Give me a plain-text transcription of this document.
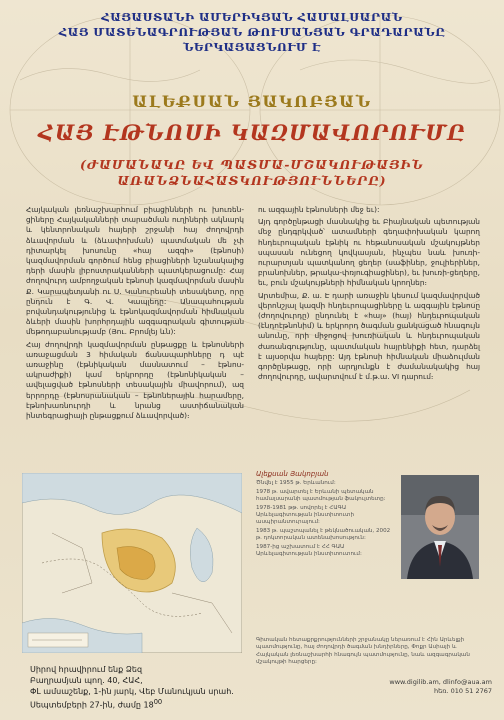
ՀԱՅԱՍՏԱՆԻ ԱՄԵՐԻԿՅԱՆ ՀԱՄԱԼՍԱՐԱՆ
ՀԱՅ ՄԱՏԵՆԱԳՐՈՒԹՅԱՆ ԹՈՒՄԱՆՅԱՆ ԳՐԱԴԱՐԱՆԸ
ՆԵՐԿԱՅԱՑՆՈՒՄ Է
ԱԼԵՔՍԱՆ ՅԱԿՈԲՅԱՆ
ՀԱՅ ԷԹՆՈՍԻ ԿԱԶՄԱՎՈՐՈՒՄԸ
(ԺԱՄԱՆԱԿԸ ԵՎ ՊԱՏՄԱ-ՄՇԱԿՈՒԹԱՅԻՆ
ԱՌԱՆՁՆԱՀԱՏԿՈՒԹՅՈՒՆՆԵՐԸ)

Հայկական լեռնաշխարհում բիացինների ու խուռեն-ցիները Հայկականների տարածման ուղիների ակնարկ և կենտրոնական հայերի շրջանի հայ ժողովրդի ձևավորման և (ձևափոխման) պատմական մե չփ դիտարկել խոսունը «հայ ազգի» (էթնոսի) կազմավորման գործում հենց բիացիների նշանակալից դերի մասին լիբոստրականների պատկերացումը: Հայ ժողովուրդ ամբողջական էթնոսի կազմավորման մասին Ք. Կարապետյանի ու Ս. Կանուրեանի տեսակետը, որը ընդուն է Գ. Վ. Կապլեդը: Անապահության բովանդակությունից և էթնոկազմավորման հիմնական ձևերի մասին խորհրդային ազգագրական գիտության մեթոդաբանությամբ (Յու. Բրոմլեյ ևն):

Հայ ժողովրդի կազմավորման ընթացքը և էթնոսների առաջացման 3 հիմական ճանապարհները դ պէ առաջինը (էթնիկական մասնատում – էթնոս-ակրաժիքի) կամ երկրորդը (էթնոնիկական – ավելացված էթնոսների տեսակային միավորում), ազ երրորդը (էթնոսրանական – էթնոներային հարամերը, էթնոխառնուրդի և նրանց աստիճանական ինտեգրացիայի ընթացքում ձևավորված)։

ու ազգային էթնոսների մեջ եւ):

Այդ գործընթացի մասնակից եւ Բիայնական պետության մեջ ընդգրկված՝ ատամների գեղափոխական կարող հնդեւրոպական էթնիկ ու հեթանոսական մշակույթներ սպասան ունեցող կովկասյան, ինչպես նաև խուռի-ուրարտյան պատկանող ցեղեր (սաֆիներ, ջուլիերիներ, բրանոխներ, թրակա-փռյուգիացիներ), եւ խուռի-ցեղերը, եւ, բուն մշակույթների հիմնական կրողներ։

Արտեմիա, Ք. ա. Է դարի առաջին կեսում կազմավորված վերոնշյալ կազմի հնդեւրոպացիները և ազգային էթնոսը (ժողովուրդը) ընդունել է «հայ» (հայ) հնդեւրոպական (էնդոէթնոնիմ) և երկրորդ ծագման ցանկացած հնագույն անունը, որի միջոցով խուռիական և հնդեւրոպական ժառանգությունը, պատմական հայրենիքի հետ, դարձել է այսօրվա հայերը: Այդ էթնոսի հիմնական միաձուլման գործընթացը, որի արդյունքն է ժամանակակից հայ ժողովուրդը, ավարտվում է մ.թ.ա. VI դարում։

Ալեքսան Յակոբյան

Ծնվել է 1955 թ. Երևանում:

1978 թ. ավարտել է Երևանի պետական համալսարանի պատմության ֆակուլտետը:

1978-1981 թթ. սովորել է ՀԱԳԱ Արևելագիտության ինստիտուտի ասպիրանտուրայում:

1983 թ. պաշտպանել է թեկնածուական, 2002 թ. դոկտորական ատենախոսություն:

1987-ից աշխատում է ՀՀ ԳԱԱ Արևելագիտության ինստիտուտում:

Գիտական հետաքրքրությունների շրջանակը ներառում է Հին Արևելքի պատմությունը, հայ ժողովրդի ծագման խնդիրները, Փոքր Ասիայի և Հայկական լեռնաշխարհի հնագույն պատմությունը, նաև ազգագրական մշակույթի հարցերը:

Սիրով հրավիրում ենք Ձեզ

Բաղրամյան պող. 40, ՀԱՀ,

ՓԼ ամսաշենք, 1-ին յարկ, Վեբ Մանուկյան սրահ.

Սեպտեմբերի 27-ին, ժամը $18^{00}$

www.digilib.am, dlinfo@aua.am

հեռ. 010 51 2767
